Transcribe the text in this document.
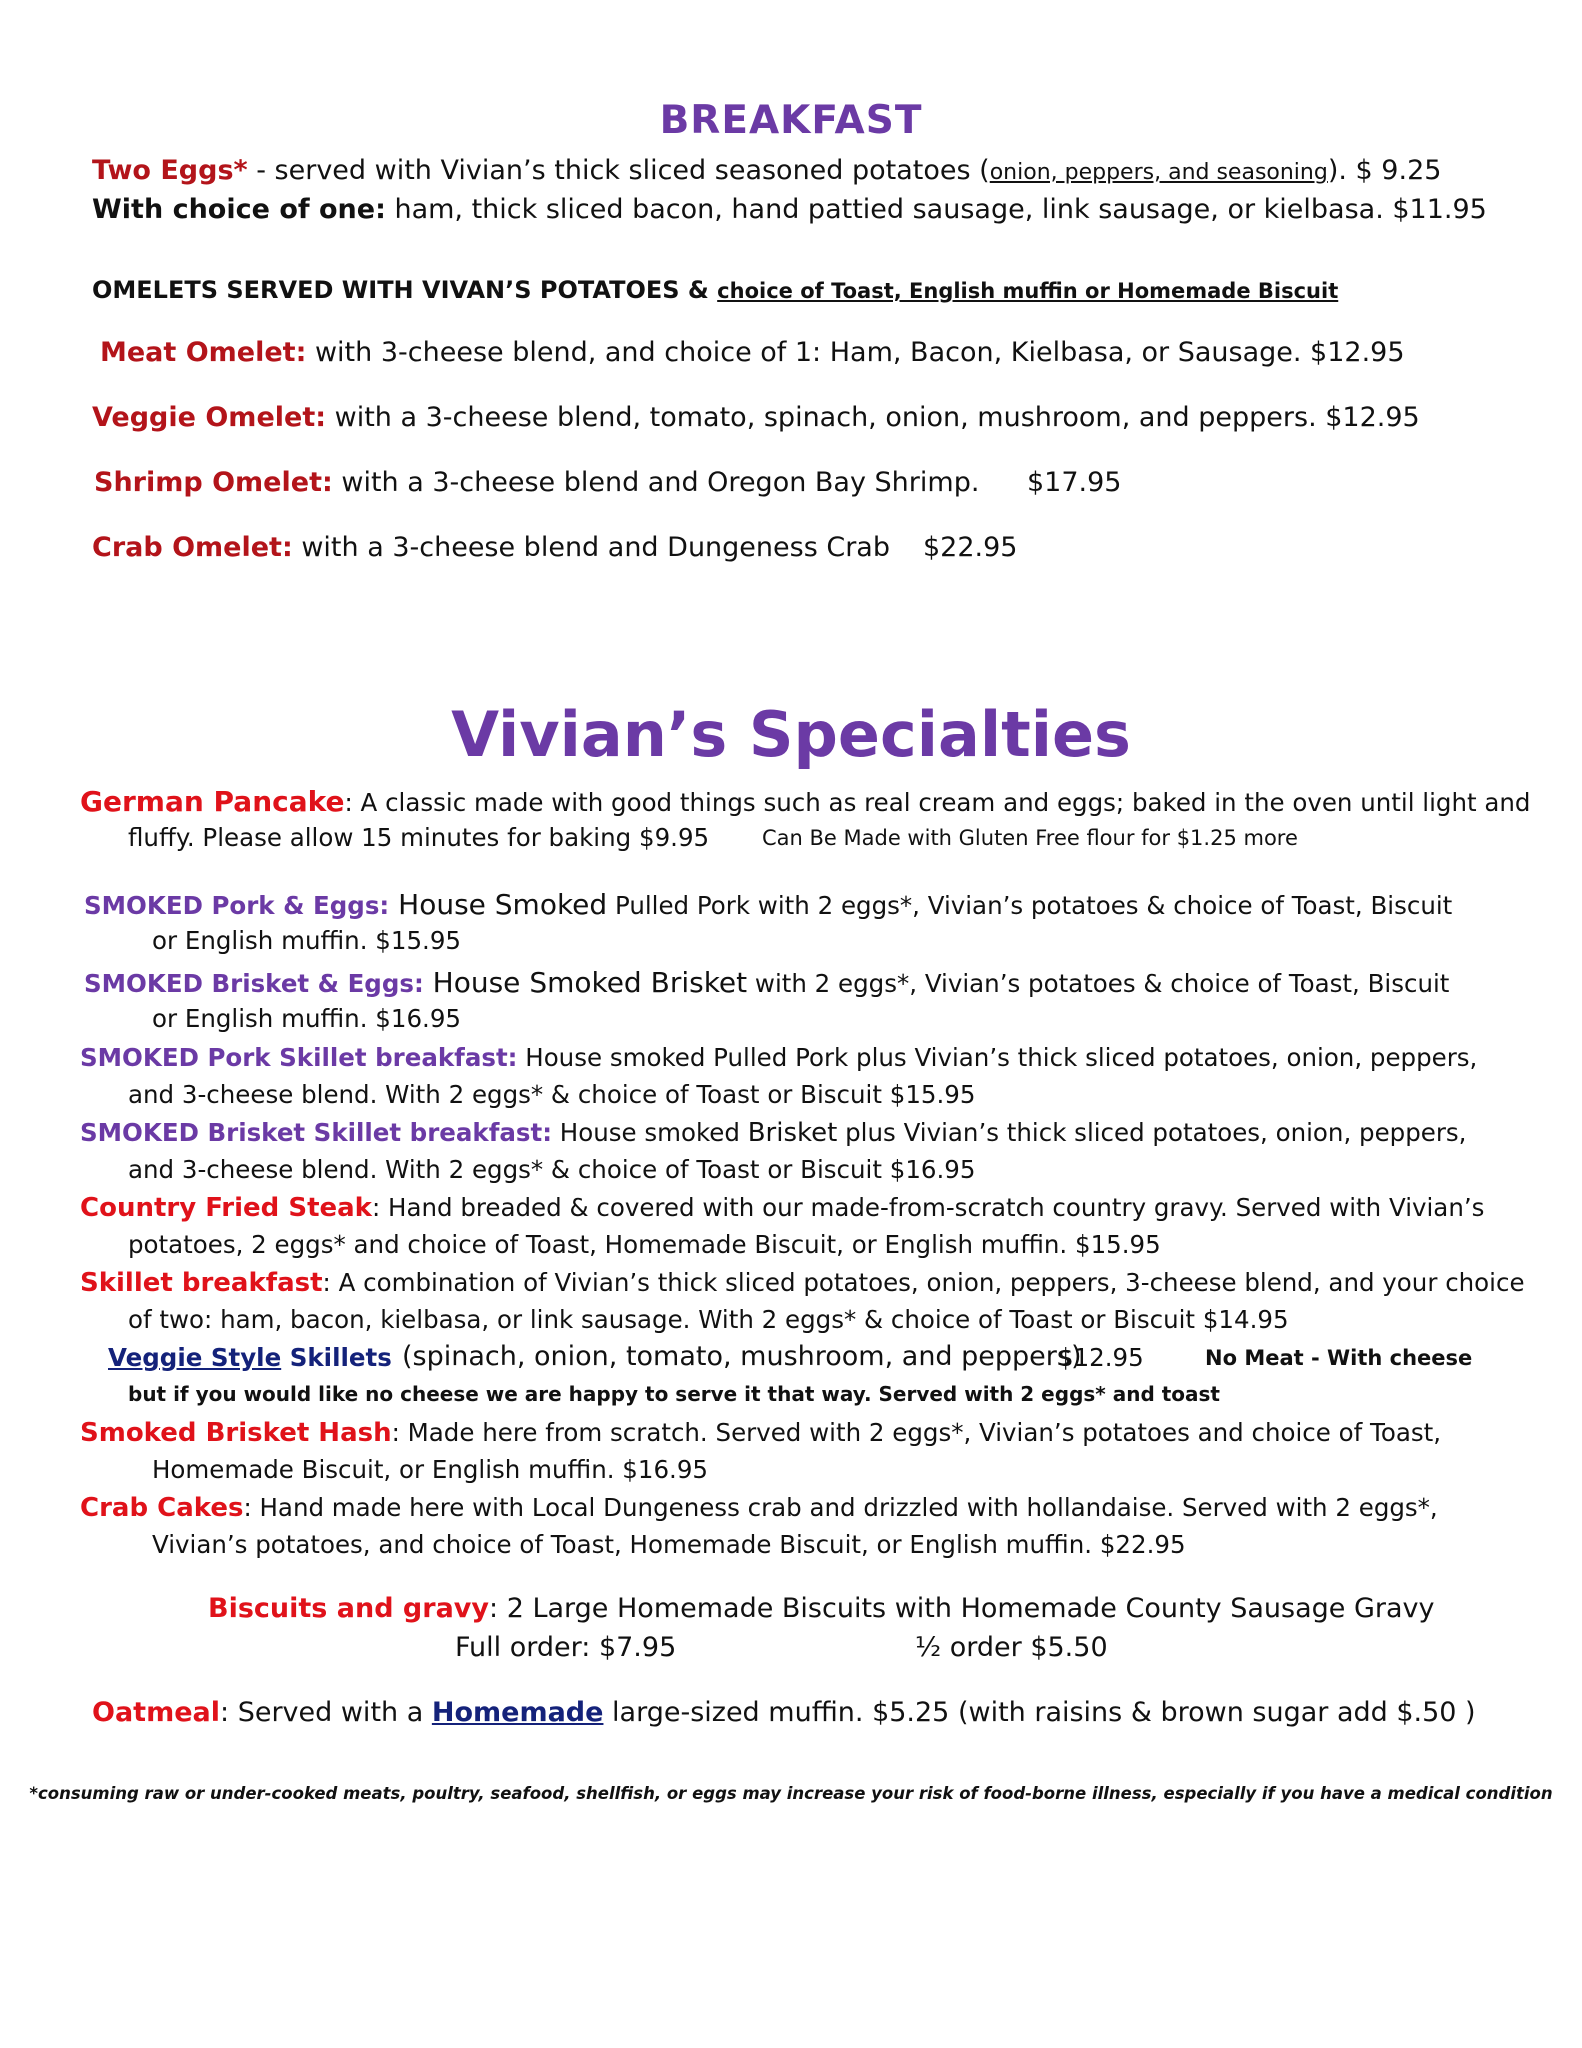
BREAKFAST
Two Eggs* - served with Vivian’s thick sliced seasoned potatoes (onion, peppers, and seasoning). $ 9.25
With choice of one: ham, thick sliced bacon, hand pattied sausage, link sausage, or kielbasa. $11.95
OMELETS SERVED WITH VIVAN’S POTATOES & choice of Toast, English muffin or Homemade Biscuit
Meat Omelet: with 3-cheese blend, and choice of 1: Ham, Bacon, Kielbasa, or Sausage. $12.95
Veggie Omelet: with a 3-cheese blend, tomato, spinach, onion, mushroom, and peppers. $12.95
Shrimp Omelet: with a 3-cheese blend and Oregon Bay Shrimp. $17.95
Crab Omelet: with a 3-cheese blend and Dungeness Crab $22.95
Vivian’s Specialties
German Pancake: A classic made with good things such as real cream and eggs; baked in the oven until light and
fluffy. Please allow 15 minutes for baking $9.95	Can Be Made with Gluten Free flour for $1.25 more
SMOKED Pork & Eggs: House Smoked Pulled Pork with 2 eggs*, Vivian’s potatoes & choice of Toast, Biscuit
or English muffin. $15.95
SMOKED Brisket & Eggs: House Smoked Brisket with 2 eggs*, Vivian’s potatoes & choice of Toast, Biscuit
or English muffin. $16.95
SMOKED Pork Skillet breakfast: House smoked Pulled Pork plus Vivian’s thick sliced potatoes, onion, peppers,
and 3-cheese blend. With 2 eggs* & choice of Toast or Biscuit $15.95
SMOKED Brisket Skillet breakfast: House smoked Brisket plus Vivian’s thick sliced potatoes, onion, peppers,
and 3-cheese blend. With 2 eggs* & choice of Toast or Biscuit $16.95
Country Fried Steak: Hand breaded & covered with our made-from-scratch country gravy. Served with Vivian’s
potatoes, 2 eggs* and choice of Toast, Homemade Biscuit, or English muffin. $15.95
Skillet breakfast: A combination of Vivian’s thick sliced potatoes, onion, peppers, 3-cheese blend, and your choice
of two: ham, bacon, kielbasa, or link sausage. With 2 eggs* & choice of Toast or Biscuit $14.95
Veggie Style Skillets (spinach, onion, tomato, mushroom, and peppers)
$12.95	No Meat - With cheese
but if you would like no cheese we are happy to serve it that way. Served with 2 eggs* and toast
Smoked Brisket Hash: Made here from scratch. Served with 2 eggs*, Vivian’s potatoes and choice of Toast,
Homemade Biscuit, or English muffin. $16.95
Crab Cakes: Hand made here with Local Dungeness crab and drizzled with hollandaise. Served with 2 eggs*,
Vivian’s potatoes, and choice of Toast, Homemade Biscuit, or English muffin. $22.95
Biscuits and gravy: 2 Large Homemade Biscuits with Homemade County Sausage Gravy
Full order: $7.95	½ order $5.50
Oatmeal: Served with a Homemade large-sized muffin. $5.25 (with raisins & brown sugar add $.50 )
*consuming raw or under-cooked meats, poultry, seafood, shellfish, or eggs may increase your risk of food-borne illness, especially if you have a medical condition
